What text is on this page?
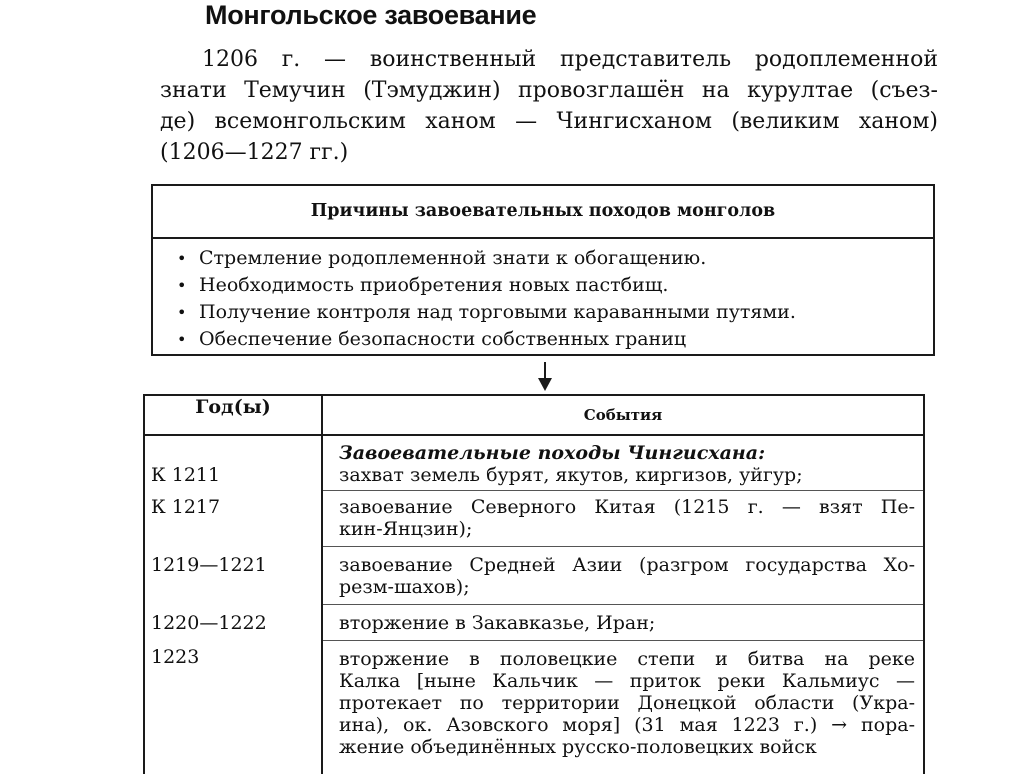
Монгольское завоевание
1206 г. — воинственный представитель родоплеменной
знати Темучин (Тэмуджин) провозглашён на курултае (съез-
де) всемонгольским ханом — Чингисханом (великим ханом)
(1206—1227 гг.)
Причины завоевательных походов монголов
• Стремление родоплеменной знати к обогащению.
• Необходимость приобретения новых пастбищ.
• Получение контроля над торговыми караванными путями.
• Обеспечение безопасности собственных границ
Год(ы)	События
Завоевательные походы Чингисхана:
К 1211	захват земель бурят, якутов, киргизов, уйгур;
К 1217	завоевание Северного Китая (1215 г. — взят Пе-
кин-Янцзин);
1219—1221	завоевание Средней Азии (разгром государства Хо-
резм-шахов);
1220—1222	вторжение в Закавказье, Иран;
1223	вторжение в половецкие степи и битва на реке
Калка [ныне Кальчик — приток реки Кальмиус —
протекает по территории Донецкой области (Укра-
ина), ок. Азовского моря] (31 мая 1223 г.) → пора-
жение объединённых русско-половецких войск
